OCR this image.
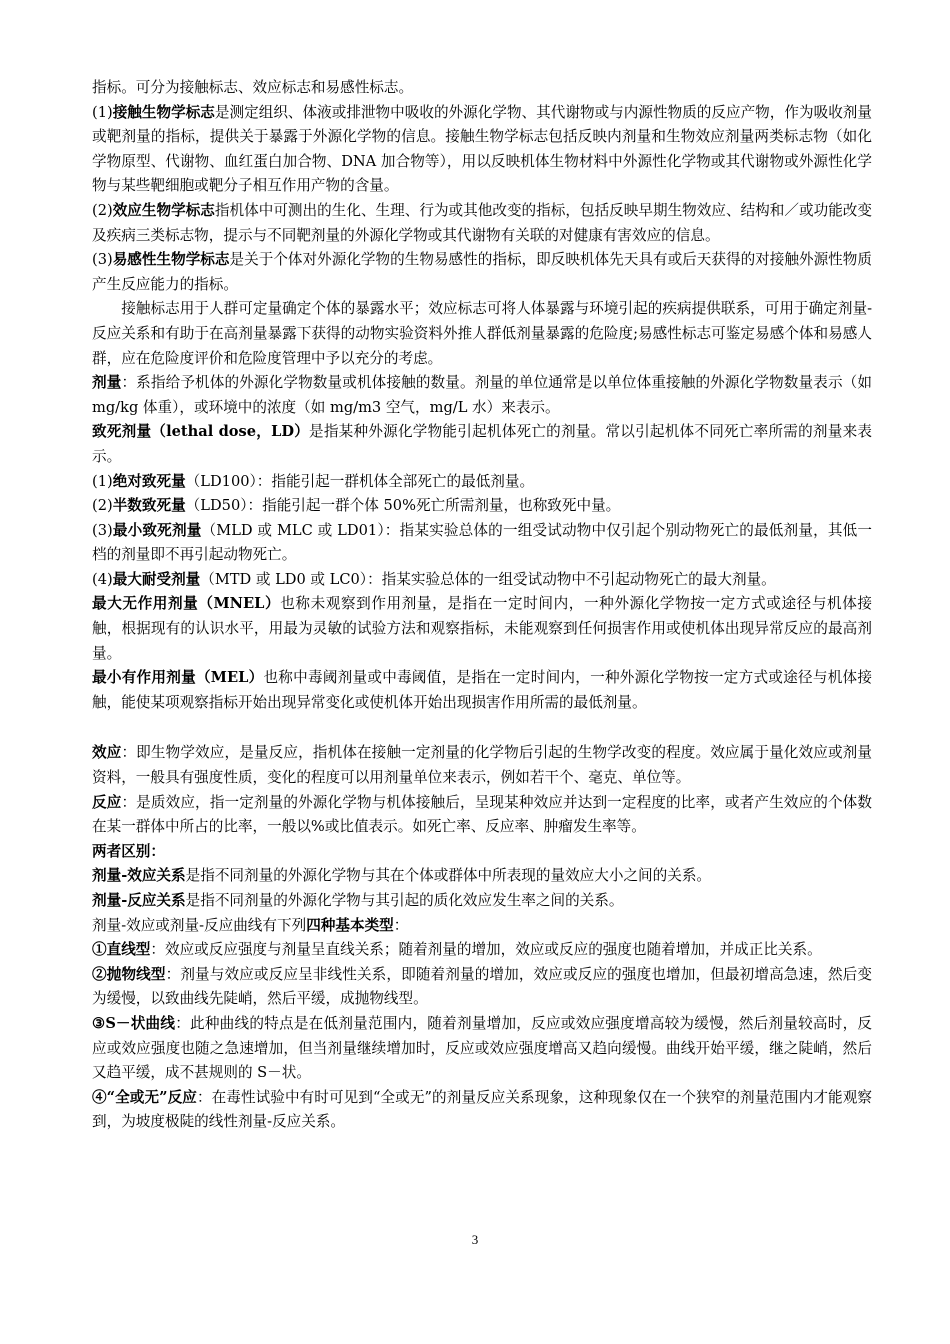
指标。可分为接触标志、效应标志和易感性标志。

(1)接触生物学标志是测定组织、体液或排泄物中吸收的外源化学物、其代谢物或与内源性物质的反应产物，作为吸收剂量或靶剂量的指标，提供关于暴露于外源化学物的信息。接触生物学标志包括反映内剂量和生物效应剂量两类标志物（如化学物原型、代谢物、血红蛋白加合物、DNA 加合物等），用以反映机体生物材料中外源性化学物或其代谢物或外源性化学物与某些靶细胞或靶分子相互作用产物的含量。

(2)效应生物学标志指机体中可测出的生化、生理、行为或其他改变的指标，包括反映早期生物效应、结构和／或功能改变及疾病三类标志物，提示与不同靶剂量的外源化学物或其代谢物有关联的对健康有害效应的信息。

(3)易感性生物学标志是关于个体对外源化学物的生物易感性的指标，即反映机体先天具有或后天获得的对接触外源性物质产生反应能力的指标。

接触标志用于人群可定量确定个体的暴露水平；效应标志可将人体暴露与环境引起的疾病提供联系，可用于确定剂量-反应关系和有助于在高剂量暴露下获得的动物实验资料外推人群低剂量暴露的危险度;易感性标志可鉴定易感个体和易感人群，应在危险度评价和危险度管理中予以充分的考虑。

剂量：系指给予机体的外源化学物数量或机体接触的数量。剂量的单位通常是以单位体重接触的外源化学物数量表示（如 mg/kg 体重），或环境中的浓度（如 mg/m3 空气，mg/L 水）来表示。

致死剂量（lethal dose，LD）是指某种外源化学物能引起机体死亡的剂量。常以引起机体不同死亡率所需的剂量来表示。

(1)绝对致死量（LD100）：指能引起一群机体全部死亡的最低剂量。

(2)半数致死量（LD50）：指能引起一群个体 50%死亡所需剂量，也称致死中量。

(3)最小致死剂量（MLD 或 MLC 或 LD01）：指某实验总体的一组受试动物中仅引起个别动物死亡的最低剂量，其低一档的剂量即不再引起动物死亡。

(4)最大耐受剂量（MTD 或 LD0 或 LC0）：指某实验总体的一组受试动物中不引起动物死亡的最大剂量。

最大无作用剂量（MNEL）也称未观察到作用剂量，是指在一定时间内，一种外源化学物按一定方式或途径与机体接触，根据现有的认识水平，用最为灵敏的试验方法和观察指标，未能观察到任何损害作用或使机体出现异常反应的最高剂量。

最小有作用剂量（MEL）也称中毒阈剂量或中毒阈值，是指在一定时间内，一种外源化学物按一定方式或途径与机体接触，能使某项观察指标开始出现异常变化或使机体开始出现损害作用所需的最低剂量。

效应：即生物学效应，是量反应，指机体在接触一定剂量的化学物后引起的生物学改变的程度。效应属于量化效应或剂量资料，一般具有强度性质，变化的程度可以用剂量单位来表示，例如若干个、毫克、单位等。

反应：是质效应，指一定剂量的外源化学物与机体接触后，呈现某种效应并达到一定程度的比率，或者产生效应的个体数在某一群体中所占的比率，一般以%或比值表示。如死亡率、反应率、肿瘤发生率等。

两者区别：

剂量-效应关系是指不同剂量的外源化学物与其在个体或群体中所表现的量效应大小之间的关系。

剂量-反应关系是指不同剂量的外源化学物与其引起的质化效应发生率之间的关系。

剂量-效应或剂量-反应曲线有下列四种基本类型：

①直线型：效应或反应强度与剂量呈直线关系；随着剂量的增加，效应或反应的强度也随着增加，并成正比关系。

②抛物线型：剂量与效应或反应呈非线性关系，即随着剂量的增加，效应或反应的强度也增加，但最初增高急速，然后变为缓慢，以致曲线先陡峭，然后平缓，成抛物线型。

③S－状曲线：此种曲线的特点是在低剂量范围内，随着剂量增加，反应或效应强度增高较为缓慢，然后剂量较高时，反应或效应强度也随之急速增加，但当剂量继续增加时，反应或效应强度增高又趋向缓慢。曲线开始平缓，继之陡峭，然后又趋平缓，成不甚规则的 S－状。

④“全或无”反应：在毒性试验中有时可见到“全或无”的剂量反应关系现象，这种现象仅在一个狭窄的剂量范围内才能观察到，为坡度极陡的线性剂量-反应关系。

3
